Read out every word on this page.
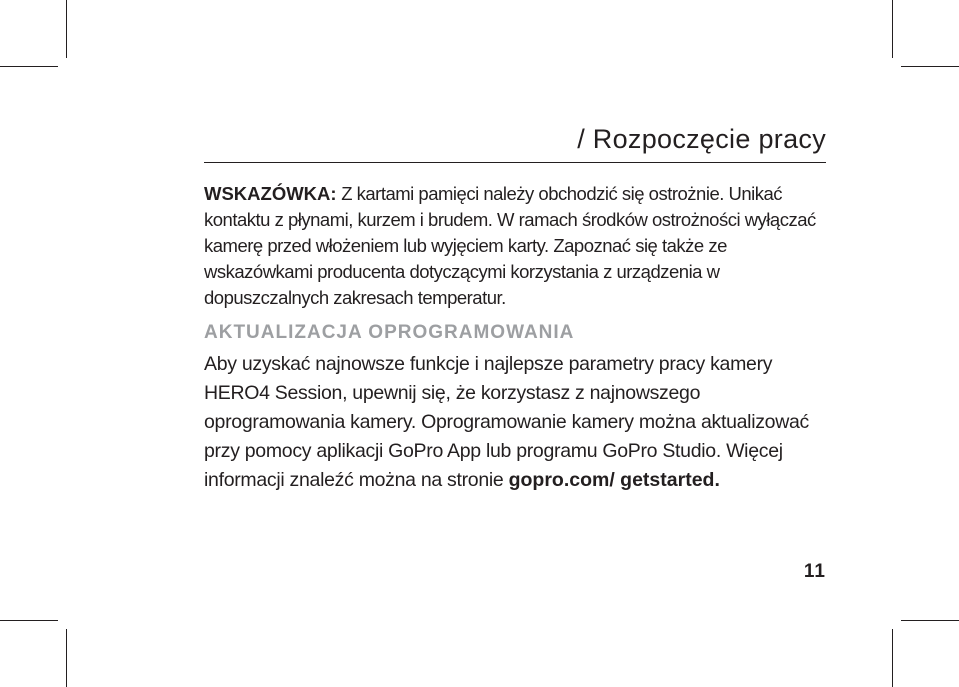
/ Rozpoczęcie pracy

WSKAZÓWKA: Z kartami pamięci należy obchodzić się ostrożnie. Unikać kontaktu z płynami, kurzem i brudem. W ramach środków ostrożności wyłączać kamerę przed włożeniem lub wyjęciem karty. Zapoznać się także ze wskazówkami producenta dotyczącymi korzystania z urządzenia w dopuszczalnych zakresach temperatur.

AKTUALIZACJA OPROGRAMOWANIA

Aby uzyskać najnowsze funkcje i najlepsze parametry pracy kamery HERO4 Session, upewnij się, że korzystasz z najnowszego oprogramowania kamery. Oprogramowanie kamery można aktualizować przy pomocy aplikacji GoPro App lub programu GoPro Studio. Więcej informacji znaleźć można na stronie gopro.com/ getstarted.

11
